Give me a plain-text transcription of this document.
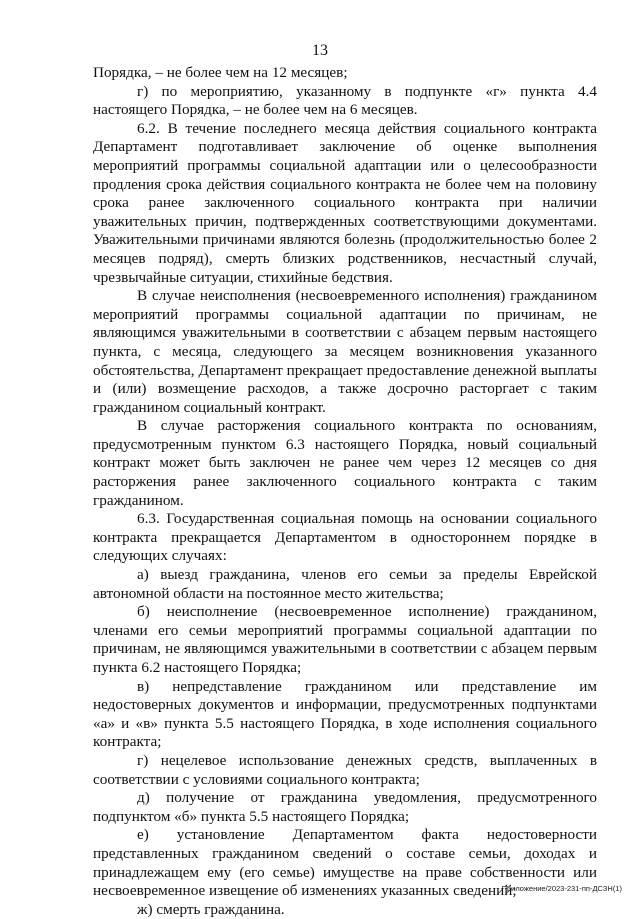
13

Порядка, – не более чем на 12 месяцев;

г) по мероприятию, указанному в подпункте «г» пункта 4.4 настоящего Порядка, – не более чем на 6 месяцев.

6.2. В течение последнего месяца действия социального контракта Департамент подготавливает заключение об оценке выполнения мероприятий программы социальной адаптации или о целесообразности продления срока действия социального контракта не более чем на половину срока ранее заключенного социального контракта при наличии уважительных причин, подтвержденных соответствующими документами. Уважительными причинами являются болезнь (продолжительностью более 2 месяцев подряд), смерть близких родственников, несчастный случай, чрезвычайные ситуации, стихийные бедствия.

В случае неисполнения (несвоевременного исполнения) гражданином мероприятий программы социальной адаптации по причинам, не являющимся уважительными в соответствии с абзацем первым настоящего пункта, с месяца, следующего за месяцем возникновения указанного обстоятельства, Департамент прекращает предоставление денежной выплаты и (или) возмещение расходов, а также досрочно расторгает с таким гражданином социальный контракт.

В случае расторжения социального контракта по основаниям, предусмотренным пунктом 6.3 настоящего Порядка, новый социальный контракт может быть заключен не ранее чем через 12 месяцев со дня расторжения ранее заключенного социального контракта с таким гражданином.

6.3. Государственная социальная помощь на основании социального контракта прекращается Департаментом в одностороннем порядке в следующих случаях:

а) выезд гражданина, членов его семьи за пределы Еврейской автономной области на постоянное место жительства;

б) неисполнение (несвоевременное исполнение) гражданином, членами его семьи мероприятий программы социальной адаптации по причинам, не являющимся уважительными в соответствии с абзацем первым пункта 6.2 настоящего Порядка;

в) непредставление гражданином или представление им недостоверных документов и информации, предусмотренных подпунктами «а» и «в» пункта 5.5 настоящего Порядка, в ходе исполнения социального контракта;

г) нецелевое использование денежных средств, выплаченных в соответствии с условиями социального контракта;

д) получение от гражданина уведомления, предусмотренного подпунктом «б» пункта 5.5 настоящего Порядка;

е) установление Департаментом факта недостоверности представленных гражданином сведений о составе семьи, доходах и принадлежащем ему (его семье) имуществе на праве собственности или несвоевременное извещение об изменениях указанных сведений;

ж) смерть гражданина.

Приложение/2023-231-пп-ДСЗН(1)
